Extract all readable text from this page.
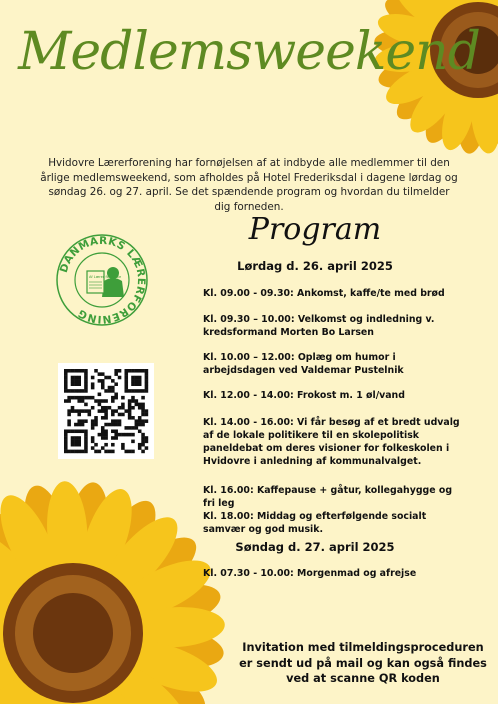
Medlemsweekend
Hvidovre Lærerforening har fornøjelsen af at indbyde alle medlemmer til den årlige medlemsweekend, som afholdes på Hotel Frederiksdal i dagene lørdag og søndag 26. og 27. april. Se det spændende program og hvordan du tilmelder dig forneden.
DANMARKS LÆRERFORENING
Af Lærer for Skole
Program
Lørdag d. 26. april 2025
Kl. 09.00 - 09.30: Ankomst, kaffe/te med brød
Kl. 09.30 – 10.00: Velkomst og indledning v. kredsformand Morten Bo Larsen
Kl. 10.00 – 12.00: Oplæg om humor i arbejdsdagen ved Valdemar Pustelnik
Kl. 12.00 - 14.00: Frokost m. 1 øl/vand
Kl. 14.00 - 16.00: Vi får besøg af et bredt udvalg af de lokale politikere til en skolepolitisk paneldebat om deres visioner for folkeskolen i Hvidovre i anledning af kommunalvalget.
Kl. 16.00: Kaffepause + gåtur, kollegahygge og fri leg
Kl. 18.00: Middag og efterfølgende socialt samvær og god musik.
Søndag d. 27. april 2025
Kl. 07.30 - 10.00: Morgenmad og afrejse
Invitation med tilmeldingsproceduren er sendt ud på mail og kan også findes ved at scanne QR koden
